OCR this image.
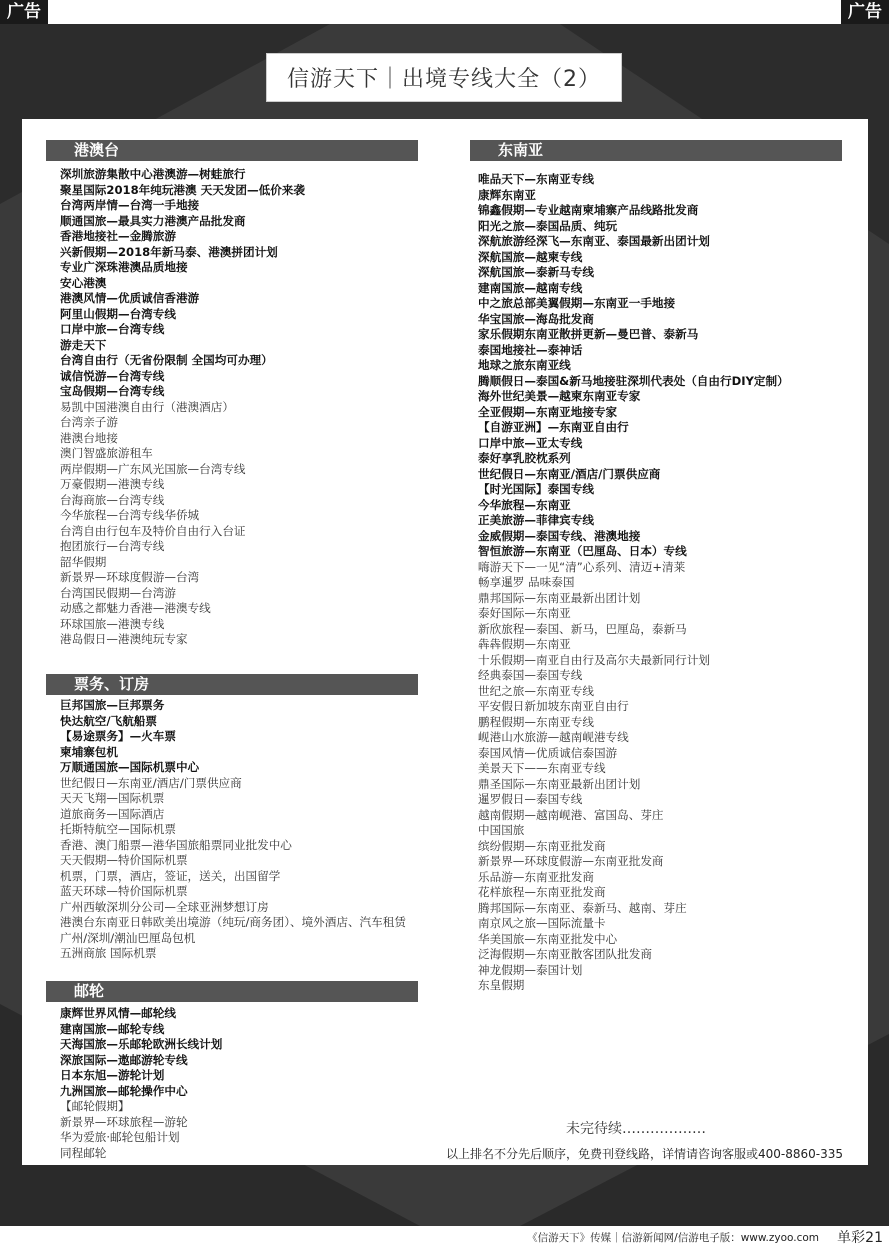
广告	广告
信游天下｜出境专线大全（2）
港澳台
深圳旅游集散中心港澳游—树蛙旅行
聚星国际2018年纯玩港澳 天天发团—低价来袭
台湾两岸情—台湾一手地接
顺通国旅—最具实力港澳产品批发商
香港地接社—金腾旅游
兴新假期—2018年新马泰、港澳拼团计划
专业广深珠港澳品质地接
安心港澳
港澳风情—优质诚信香港游
阿里山假期—台湾专线
口岸中旅—台湾专线
游走天下
台湾自由行（无省份限制 全国均可办理）
诚信悦游—台湾专线
宝岛假期—台湾专线
易凯中国港澳自由行（港澳酒店）
台湾亲子游
港澳台地接
澳门智盛旅游租车
两岸假期—广东风光国旅—台湾专线
万豪假期—港澳专线
台海商旅—台湾专线
今华旅程—台湾专线华侨城
台湾自由行包车及特价自由行入台证
抱团旅行—台湾专线
韶华假期
新景界—环球度假游—台湾
台湾国民假期—台湾游
动感之都魅力香港—港澳专线
环球国旅—港澳专线
港岛假日—港澳纯玩专家
票务、订房
巨邦国旅—巨邦票务
快达航空/飞航船票
【易途票务】—火车票
柬埔寨包机
万顺通国旅—国际机票中心
世纪假日—东南亚/酒店/门票供应商
天天飞翔—国际机票
道旅商务—国际酒店
托斯特航空—国际机票
香港、澳门船票—港华国旅船票同业批发中心
天天假期—特价国际机票
机票，门票，酒店，签证，送关，出国留学
蓝天环球—特价国际机票
广州西敏深圳分公司—全球亚洲梦想订房
港澳台东南亚日韩欧美出境游（纯玩/商务团）、境外酒店、汽车租赁
广州/深圳/潮汕巴厘岛包机
五洲商旅 国际机票
邮轮
康辉世界风情—邮轮线
建南国旅—邮轮专线
天海国旅—乐邮轮欧洲长线计划
深旅国际—遨邮游轮专线
日本东旭—游轮计划
九洲国旅—邮轮操作中心
【邮轮假期】
新景界—环球旅程—游轮
华为爱旅·邮轮包船计划
同程邮轮
东南亚
唯品天下—东南亚专线
康辉东南亚
锦鑫假期—专业越南柬埔寨产品线路批发商
阳光之旅—泰国品质、纯玩
深航旅游经深飞—东南亚、泰国最新出团计划
深航国旅—越柬专线
深航国旅—泰新马专线
建南国旅—越南专线
中之旅总部美翼假期—东南亚一手地接
华宝国旅—海岛批发商
家乐假期东南亚散拼更新—曼巴普、泰新马
泰国地接社—泰神话
地球之旅东南亚线
腾顺假日—泰国&新马地接驻深圳代表处（自由行DIY定制）
海外世纪美景—越柬东南亚专家
全亚假期—东南亚地接专家
【自游亚洲】—东南亚自由行
口岸中旅—亚太专线
泰好享乳胶枕系列
世纪假日—东南亚/酒店/门票供应商
【时光国际】泰国专线
今华旅程—东南亚
正美旅游—菲律宾专线
金威假期—泰国专线、港澳地接
智恒旅游—东南亚（巴厘岛、日本）专线
嗨游天下—一见“清”心系列、清迈+清莱
畅享暹罗 品味泰国
鼎邦国际—东南亚最新出团计划
泰好国际—东南亚
新欣旅程—泰国、新马，巴厘岛，泰新马
犇犇假期—东南亚
十乐假期—南亚自由行及高尔夫最新同行计划
经典泰国—泰国专线
世纪之旅—东南亚专线
平安假日新加坡东南亚自由行
鹏程假期—东南亚专线
岘港山水旅游—越南岘港专线
泰国风情—优质诚信泰国游
美景天下——东南亚专线
鼎圣国际—东南亚最新出团计划
暹罗假日—泰国专线
越南假期—越南岘港、富国岛、芽庄
中国国旅
缤纷假期—东南亚批发商
新景界—环球度假游—东南亚批发商
乐品游—东南亚批发商
花样旅程—东南亚批发商
腾邦国际—东南亚、泰新马、越南、芽庄
南京风之旅—国际流量卡
华美国旅—东南亚批发中心
泛海假期—东南亚散客团队批发商
神龙假期—泰国计划
东皇假期
未完待续………………
以上排名不分先后顺序，免费刊登线路，详情请咨询客服或400-8860-335
《信游天下》传媒｜信游新闻网/信游电子版：www.zyoo.com 单彩21
